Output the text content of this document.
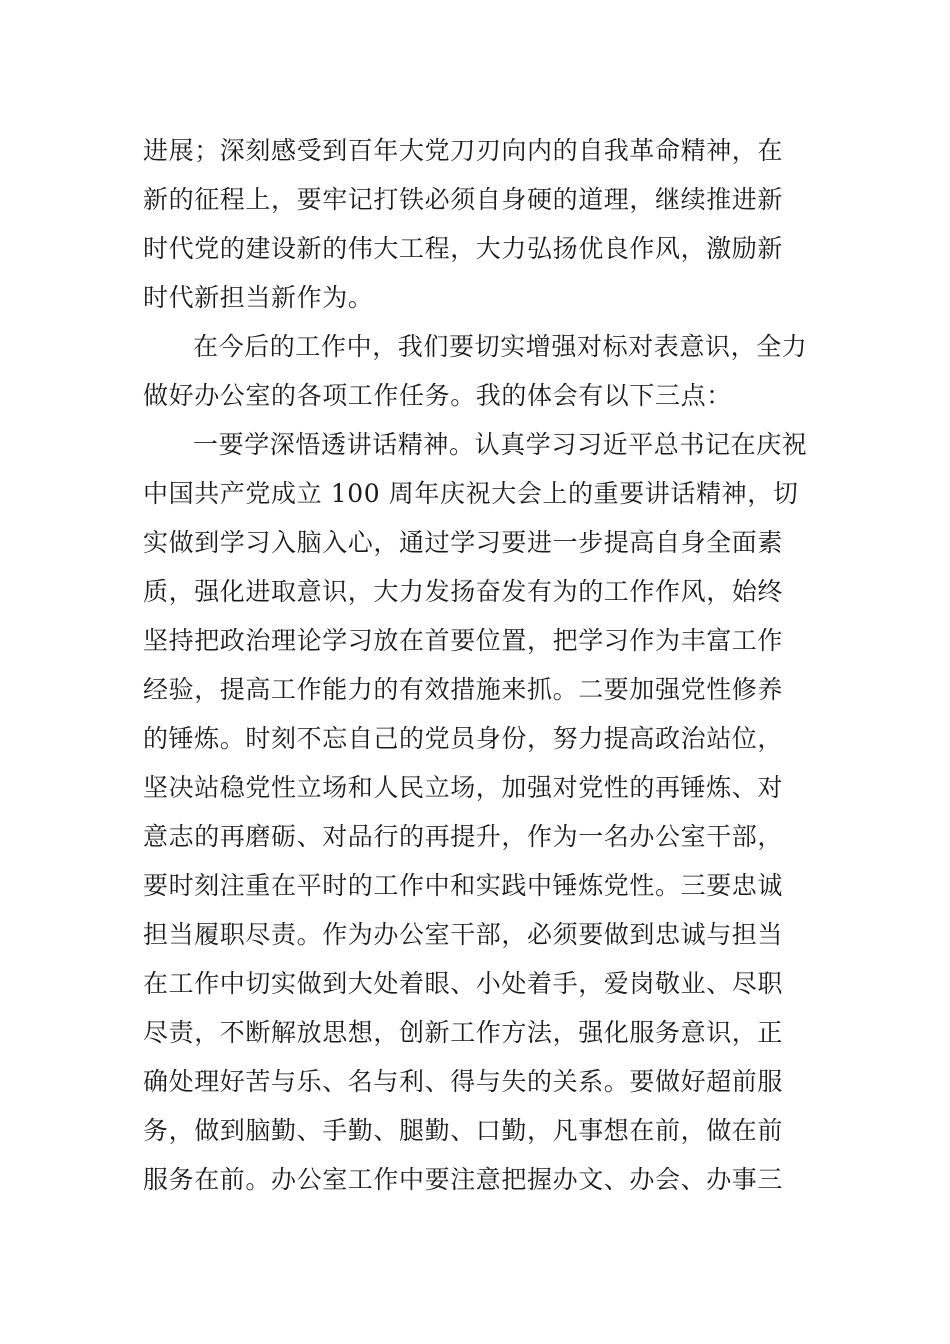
进展；深刻感受到百年大党刀刃向内的自我革命精神，在
新的征程上，要牢记打铁必须自身硬的道理，继续推进新
时代党的建设新的伟大工程，大力弘扬优良作风，激励新
时代新担当新作为。
在今后的工作中，我们要切实增强对标对表意识，全力
做好办公室的各项工作任务。我的体会有以下三点：
一要学深悟透讲话精神。认真学习习近平总书记在庆祝
中国共产党成立 100 周年庆祝大会上的重要讲话精神，切
实做到学习入脑入心，通过学习要进一步提高自身全面素
质，强化进取意识，大力发扬奋发有为的工作作风，始终
坚持把政治理论学习放在首要位置，把学习作为丰富工作
经验，提高工作能力的有效措施来抓。二要加强党性修养
的锤炼。时刻不忘自己的党员身份，努力提高政治站位，
坚决站稳党性立场和人民立场，加强对党性的再锤炼、对
意志的再磨砺、对品行的再提升，作为一名办公室干部，
要时刻注重在平时的工作中和实践中锤炼党性。三要忠诚
担当履职尽责。作为办公室干部，必须要做到忠诚与担当
在工作中切实做到大处着眼、小处着手，爱岗敬业、尽职
尽责，不断解放思想，创新工作方法，强化服务意识，正
确处理好苦与乐、名与利、得与失的关系。要做好超前服
务，做到脑勤、手勤、腿勤、口勤，凡事想在前，做在前
服务在前。办公室工作中要注意把握办文、办会、办事三
